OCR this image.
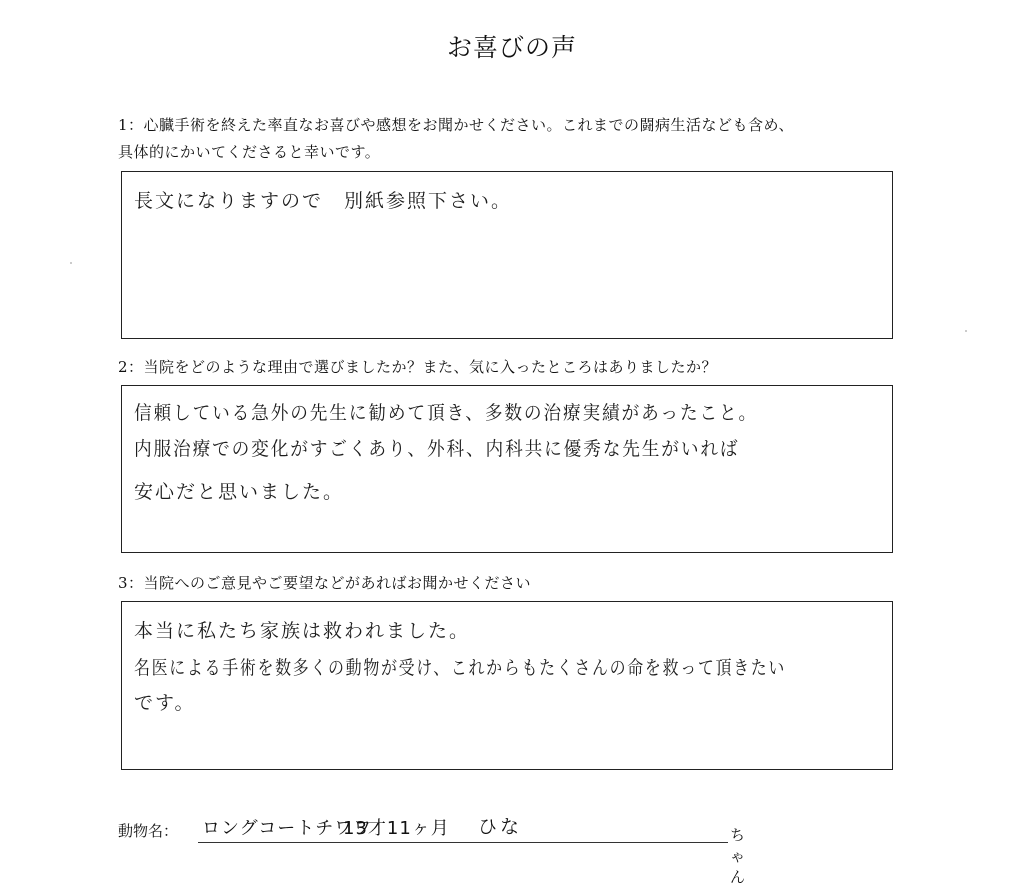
お喜びの声
1：心臓手術を終えた率直なお喜びや感想をお聞かせください。これまでの闘病生活なども含め、
具体的にかいてくださると幸いです。
長文になりますので　別紙参照下さい。
2：当院をどのような理由で選びましたか？また、気に入ったところはありましたか？
信頼している急外の先生に勧めて頂き、多数の治療実績があったこと。
内服治療での変化がすごくあり、外科、内科共に優秀な先生がいれば
安心だと思いました。
3：当院へのご意見やご要望などがあればお聞かせください
本当に私たち家族は救われました。
名医による手術を数多くの動物が受け、これからもたくさんの命を救って頂きたい
です。
動物名： ロングコートチワワ
13才11ヶ月 ひな	ちゃん
